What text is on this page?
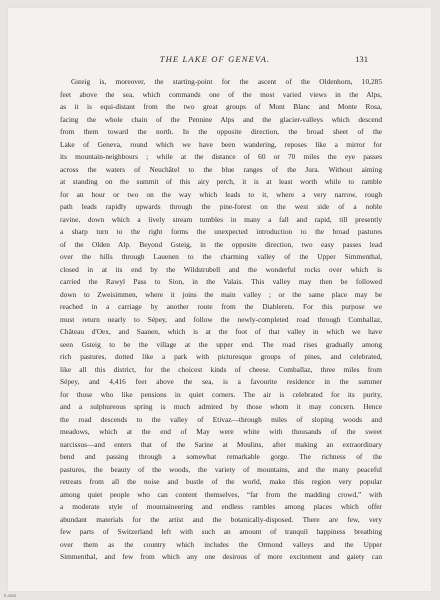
THE LAKE OF GENEVA.	131
Gsteig is, moreover, the starting-point for the ascent of the Oldenhorn, 10,285
feet above the sea, which commands one of the most varied views in the Alps,
as it is equi-distant from the two great groups of Mont Blanc and Monte Rosa,
facing the whole chain of the Pennine Alps and the glacier-valleys which descend
from them toward the north. In the opposite direction, the broad sheet of the
Lake of Geneva, round which we have been wandering, reposes like a mirror for
its mountain-neighbours ; while at the distance of 60 or 70 miles the eye passes
across the waters of Neuchâtel to the blue ranges of the Jura. Without aiming
at standing on the summit of this airy perch, it is at least worth while to ramble
for an hour or two on the way which leads to it, where a very narrow, rough
path leads rapidly upwards through the pine-forest on the west side of a noble
ravine, down which a lively stream tumbles in many a fall and rapid, till presently
a sharp turn to the right forms the unexpected introduction to the broad pastures
of the Olden Alp. Beyond Gsteig, in the opposite direction, two easy passes lead
over the hills through Lauenen to the charming valley of the Upper Simmenthal,
closed in at its end by the Wildstrubell and the wonderful rocks over which is
carried the Rawyl Pass to Sion, in the Valais. This valley may then be followed
down to Zweisimmen, where it joins the main valley ; or the same place may be
reached in a carriage by another route from the Diablerets. For this purpose we
must return nearly to Sépey, and follow the newly-completed road through Comballaz,
Château d'Oex, and Saanen, which is at the foot of that valley in which we have
seen Gsteig to be the village at the upper end. The road rises gradually among
rich pastures, dotted like a park with picturesque groups of pines, and celebrated,
like all this district, for the choicest kinds of cheese. Comballaz, three miles from
Sépey, and 4,416 feet above the sea, is a favourite residence in the summer
for those who like pensions in quiet corners. The air is celebrated for its purity,
and a sulphureous spring is much admired by those whom it may concern. Hence
the road descends to the valley of Etivaz—through miles of sloping woods and
meadows, which at the end of May were white with thousands of the sweet
narcissus—and enters that of the Sarine at Moulins, after making an extraordinary
bend and passing through a somewhat remarkable gorge. The richness of the
pastures, the beauty of the woods, the variety of mountains, and the many peaceful
retreats from all the noise and bustle of the world, make this region very popular
among quiet people who can content themselves, “far from the madding crowd,” with
a moderate style of mountaineering and endless rambles among places which offer
abundant materials for the artist and the botanically-disposed. There are few, very
few parts of Switzerland left with such an amount of tranquil happiness breathing
over them as the country which includes the Ormond valleys and the Upper
Simmenthal, and few from which any one desirous of more excitement and gaiety can
E-4093
